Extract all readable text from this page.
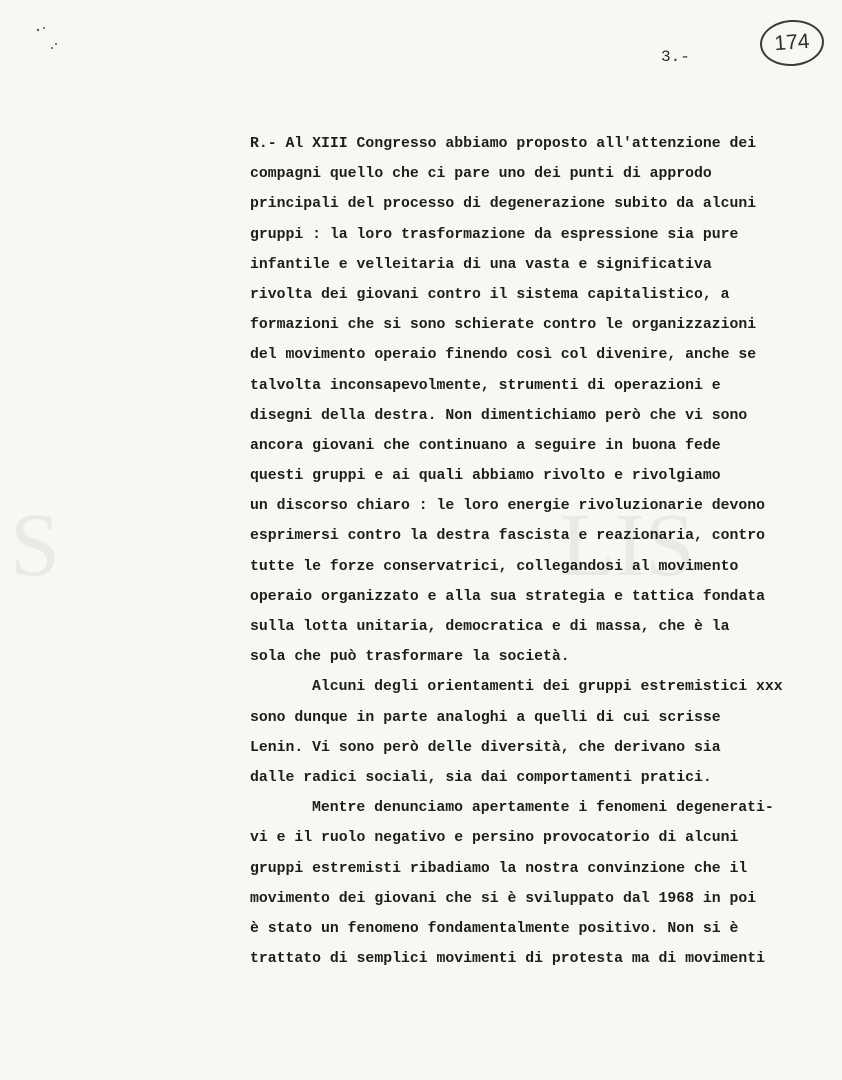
3.-

174
S	LIS

R.- Al XIII Congresso abbiamo proposto all'attenzione dei

compagni quello che ci pare uno dei punti di approdo

principali del processo di degenerazione subito da alcuni

gruppi : la loro trasformazione da espressione sia pure

infantile e velleitaria di una vasta e significativa

rivolta dei giovani contro il sistema capitalistico, a

formazioni che si sono schierate contro le organizzazioni

del movimento operaio finendo così col divenire, anche se

talvolta inconsapevolmente, strumenti di operazioni e

disegni della destra. Non dimentichiamo però che vi sono

ancora giovani che continuano a seguire in buona fede

questi gruppi e ai quali abbiamo rivolto e rivolgiamo

un discorso chiaro : le loro energie rivoluzionarie devono

esprimersi contro la destra fascista e reazionaria, contro

tutte le forze conservatrici, collegandosi al movimento

operaio organizzato e alla sua strategia e tattica fondata

sulla lotta unitaria, democratica e di massa, che è la

sola che può trasformare la società.

Alcuni degli orientamenti dei gruppi estremistici xxx

sono dunque in parte analoghi a quelli di cui scrisse

Lenin. Vi sono però delle diversità, che derivano sia

dalle radici sociali, sia dai comportamenti pratici.

Mentre denunciamo apertamente i fenomeni degenerati-

vi e il ruolo negativo e persino provocatorio di alcuni

gruppi estremisti ribadiamo la nostra convinzione che il

movimento dei giovani che si è sviluppato dal 1968 in poi

è stato un fenomeno fondamentalmente positivo. Non si è

trattato di semplici movimenti di protesta ma di movimenti
